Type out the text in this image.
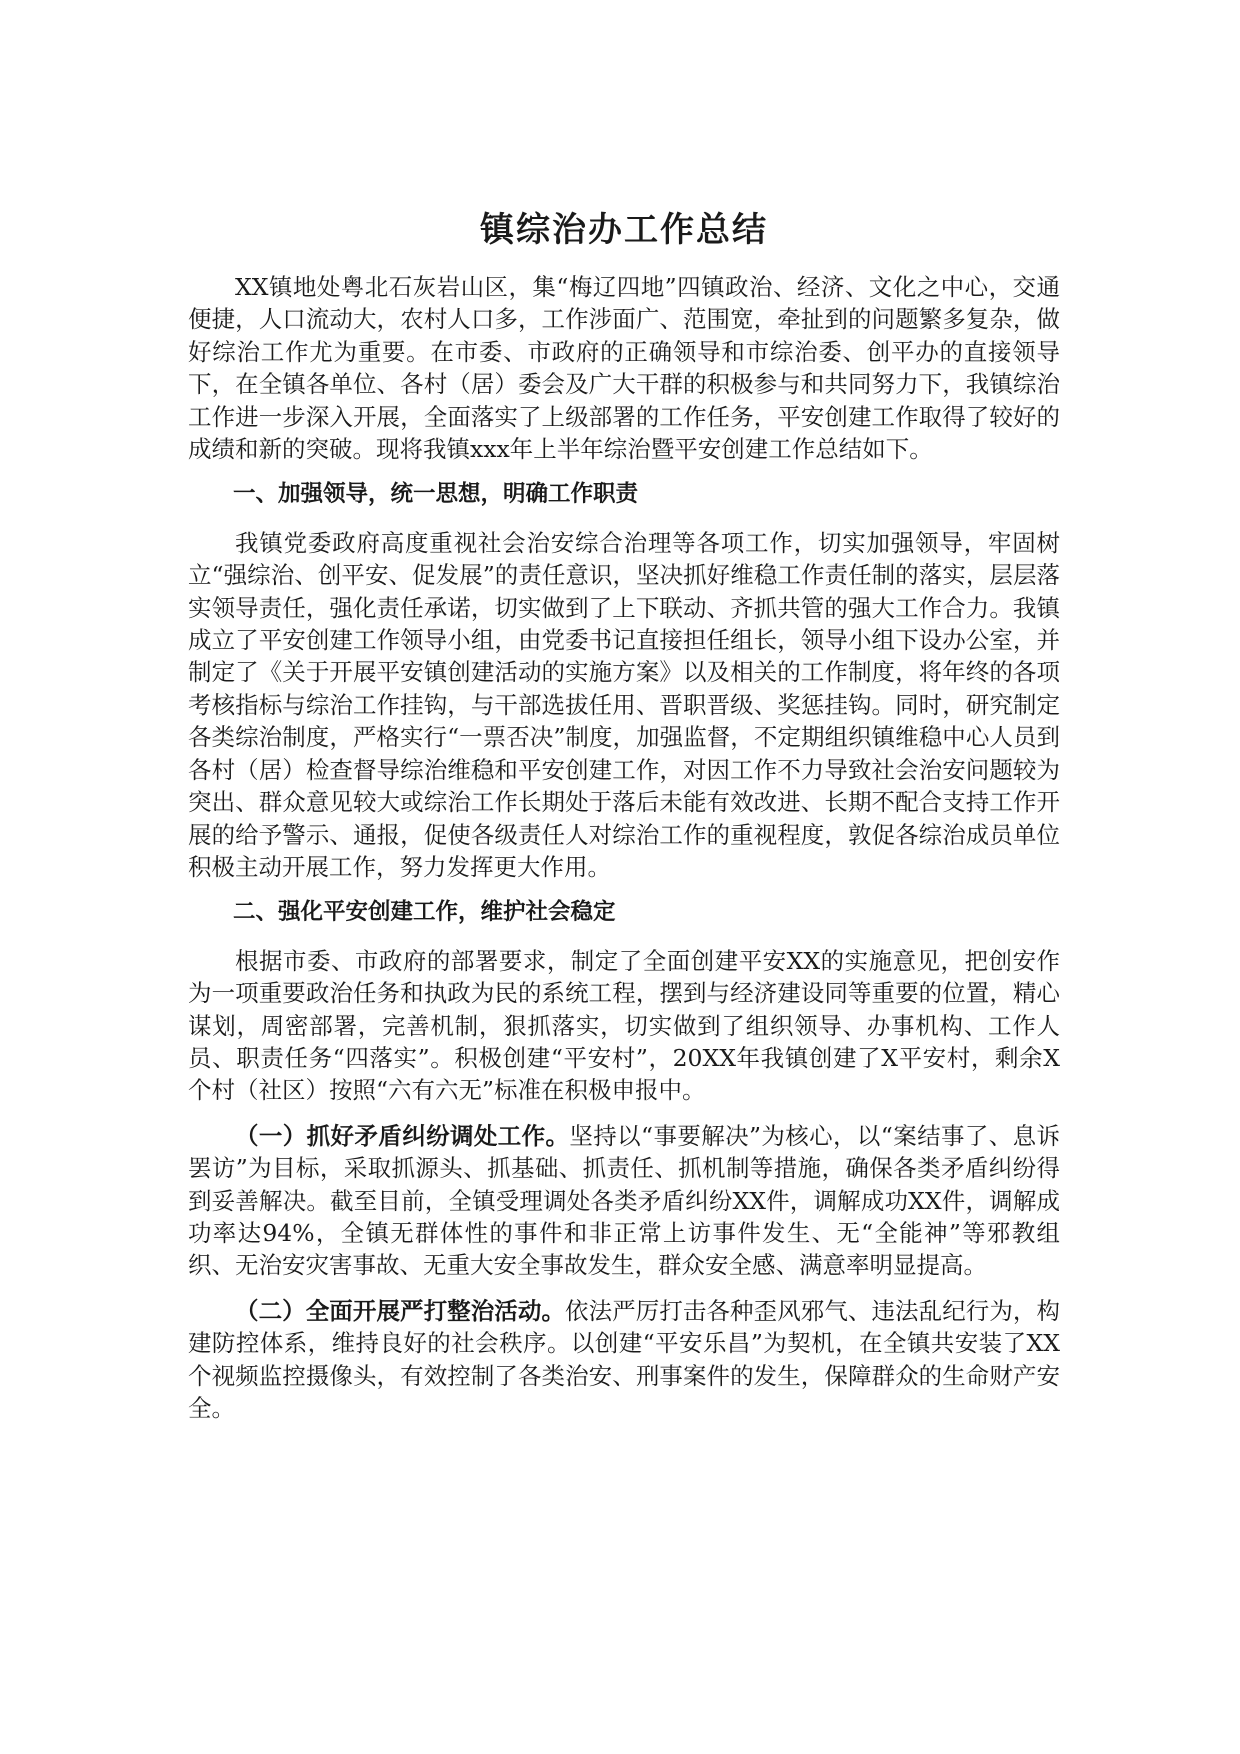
镇综治办工作总结

XX镇地处粤北石灰岩山区，集“梅辽四地”四镇政治、经济、文化之中心，交通便捷，人口流动大，农村人口多，工作涉面广、范围宽，牵扯到的问题繁多复杂，做好综治工作尤为重要。在市委、市政府的正确领导和市综治委、创平办的直接领导下，在全镇各单位、各村（居）委会及广大干群的积极参与和共同努力下，我镇综治工作进一步深入开展，全面落实了上级部署的工作任务，平安创建工作取得了较好的成绩和新的突破。现将我镇xxx年上半年综治暨平安创建工作总结如下。

一、加强领导，统一思想，明确工作职责

我镇党委政府高度重视社会治安综合治理等各项工作，切实加强领导，牢固树立“强综治、创平安、促发展”的责任意识，坚决抓好维稳工作责任制的落实，层层落实领导责任，强化责任承诺，切实做到了上下联动、齐抓共管的强大工作合力。我镇成立了平安创建工作领导小组，由党委书记直接担任组长，领导小组下设办公室，并制定了《关于开展平安镇创建活动的实施方案》以及相关的工作制度，将年终的各项考核指标与综治工作挂钩，与干部选拔任用、晋职晋级、奖惩挂钩。同时，研究制定各类综治制度，严格实行“一票否决”制度，加强监督，不定期组织镇维稳中心人员到各村（居）检查督导综治维稳和平安创建工作，对因工作不力导致社会治安问题较为突出、群众意见较大或综治工作长期处于落后未能有效改进、长期不配合支持工作开展的给予警示、通报，促使各级责任人对综治工作的重视程度，敦促各综治成员单位积极主动开展工作，努力发挥更大作用。

二、强化平安创建工作，维护社会稳定

根据市委、市政府的部署要求，制定了全面创建平安XX的实施意见，把创安作为一项重要政治任务和执政为民的系统工程，摆到与经济建设同等重要的位置，精心谋划，周密部署，完善机制，狠抓落实，切实做到了组织领导、办事机构、工作人员、职责任务“四落实”。积极创建“平安村”，20XX年我镇创建了X平安村，剩余X个村（社区）按照“六有六无”标准在积极申报中。

（一）抓好矛盾纠纷调处工作。坚持以“事要解决”为核心，以“案结事了、息诉罢访”为目标，采取抓源头、抓基础、抓责任、抓机制等措施，确保各类矛盾纠纷得到妥善解决。截至目前，全镇受理调处各类矛盾纠纷XX件，调解成功XX件，调解成功率达94%，全镇无群体性的事件和非正常上访事件发生、无“全能神”等邪教组织、无治安灾害事故、无重大安全事故发生，群众安全感、满意率明显提高。

（二）全面开展严打整治活动。依法严厉打击各种歪风邪气、违法乱纪行为，构建防控体系，维持良好的社会秩序。以创建“平安乐昌”为契机，在全镇共安装了XX个视频监控摄像头，有效控制了各类治安、刑事案件的发生，保障群众的生命财产安全。
